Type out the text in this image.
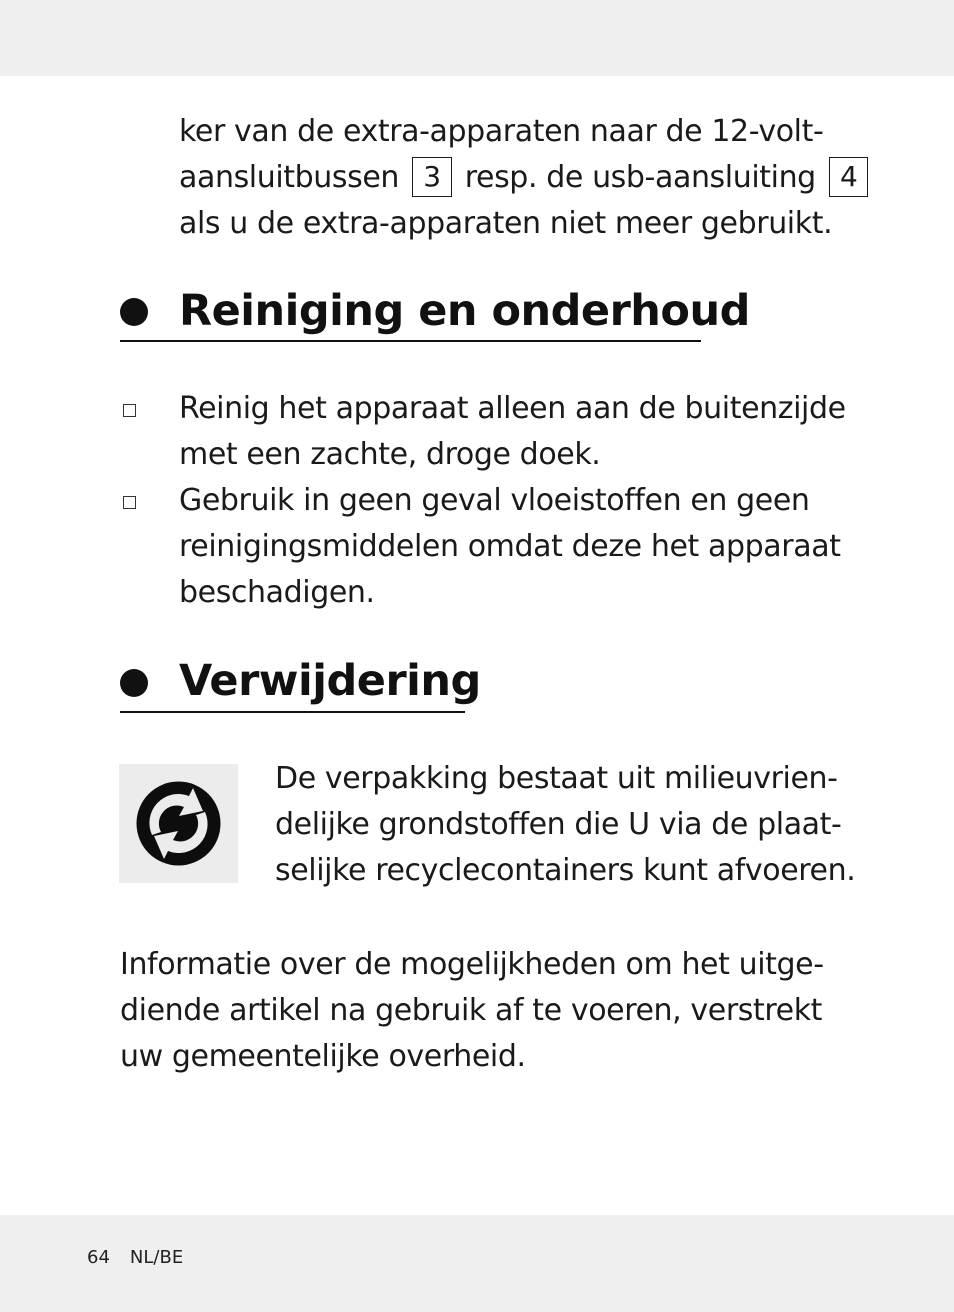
ker van de extra-apparaten naar de 12-volt-
aansluitbussen 3 resp. de usb-aansluiting 4
als u de extra-apparaten niet meer gebruikt.
Reiniging en onderhoud
Reinig het apparaat alleen aan de buitenzijde
met een zachte, droge doek.
Gebruik in geen geval vloeistoffen en geen
reinigingsmiddelen omdat deze het apparaat
beschadigen.
Verwijdering
De verpakking bestaat uit milieuvrien-
delijke grondstoffen die U via de plaat-
selijke recyclecontainers kunt afvoeren.
Informatie over de mogelijkheden om het uitge-
diende artikel na gebruik af te voeren, verstrekt
uw gemeentelijke overheid.
64 NL/BE
